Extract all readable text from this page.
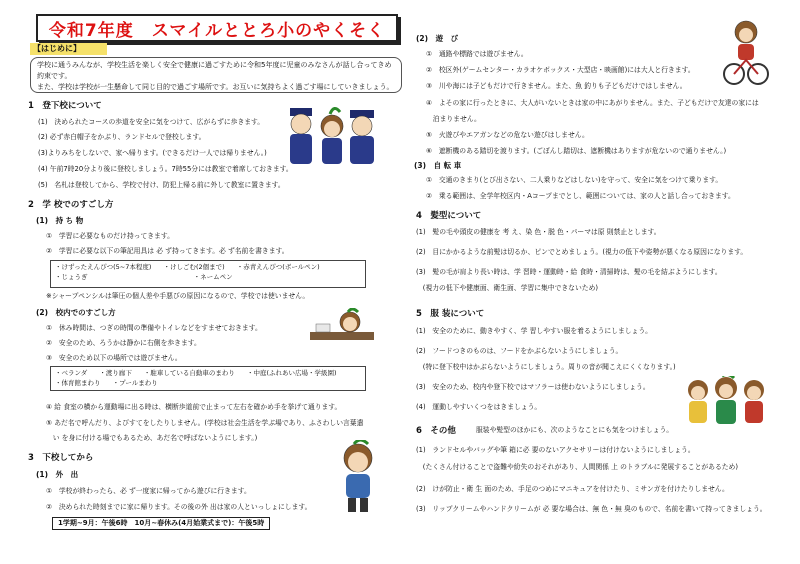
令和7年度　スマイルととろ小のやくそく
【はじめに】
学校に通うみんなが、学校生活を楽しく安全で健康に過ごすために令和5年度に児童のみなさんが話し合ってきめ約束です。
また、学校は学校が一生懸命して同じ目的で過ごす場所です。お互いに気持ちよく過ごす場にしていきましょう。
1　登下校について
(1)　決められたコースの歩道を安全に気をつけて、広がらずに歩きます。
(2) 必ず赤白帽子をかぶり、ランドセルで登校します。
(3)よりみちをしないで、家へ帰ります。(できるだけ一人では帰りません。)
(4) 午前7時20分より後に登校しましょう。7時55分には教室で着席しておきます。
(5)　名札は登校してから、学校で付け、防犯上帰る前に外して教室に置きます。
2　学 校でのすごし方
(1)　持 ち 物
①　学習に必要なものだけ持ってきます。
②　学習に必要な以下の筆記用具は 必 ず持ってきます。必 ず名前を書きます。
・けずったえんぴつ(5~7本程度) ・けしごむ(2個まで) ・赤青えんぴつ(ボールペン)
・じょうぎ	・ネームペン
※シャープペンシルは筆圧の個人差や手悪びの原因になるので、学校では使いません。
(2)　校内でのすごし方
①　休み時間は、つぎの時間の準備やトイレなどをすませておきます。
②　安全のため、ろうかは静かに右側を歩きます。
③　安全のため以下の場所では遊びません。
・ベランダ ・渡り廊下 ・駐車している自動車のまわり ・中庭(ふれあい広場・学級園)
・体育館まわり ・プールまわり
④ 給 食室の横から運動場に出る時は、横断歩道前で止まって左右を確かめ手を挙げて通ります。
⑤ あだ名で呼んだり、よびすてをしたりしません。(学校は社会生活を学ぶ場であり、ふさわしい言葉遣
　い を身に付ける場でもあるため、あだ名で呼ばないようにします。)
3　下校してから
(1)　外　出
①　学校が終わったら、必 ず一度家に帰ってから遊びに行きます。
②　決められた時刻までに家に帰ります。その後の外 出は家の人といっしょにします。
1学期~9月：午後6時　10月~春休み(4月始業式まで)：午後5時
(2)　遊　び
①　通路や標路では遊びません。
②　校区外(ゲームセンター・カラオケボックス・大型店・映画館)には大人と行きます。
③　川や海には子どもだけで行きません。また、魚 釣りも子どもだけではしません。
④　よその家に行ったときに、大人がいないときは家の中にあがりません。また、子どもだけで友達の家には
　泊まりません。
⑤　火遊びやエアガンなどの危ない遊びはしません。
⑥　遮断機のある踏切を渡ります。(ごぼんし踏切は、遮断機はありますが危ないので通りません。)
(3)　自 転 車
①　交通のきまり(とび出さない、二人乗りなどはしない)を守って、安全に気をつけて乗ります。
②　乗る範囲は、全学年校区内・Aコープまでとし、範囲については、家の人と話し合っておきます。
4　髪型について
(1)　髪の毛や頭皮の健康を 考 え、染 色・脱 色・パーマは原 則禁止とします。
(2)　目にかかるような前髪は切るか、ピンでとめましょう。(視力の低下や姿勢が悪くなる原因になります。
(3)　髪の毛が肩より長い時は、学 習時・運動時・給 食時・清掃時は、髪の毛を結ぶようにします。
　(視力の低下や健康面、衛生面、学習に集中できないため)
5　服 装について
(1)　安全のために、動きやすく、学 習しやすい服を着るようにしましょう。
(2)　フードつきのものは、フードをかぶらないようにしましょう。
　(特に登下校中はかぶらないようにしましょう。周りの音が聞こえにくくなります。)
(3)　安全のため、校内や登下校ではマフラーは使わないようにしましょう。
(4)　運動しやすいくつをはきましょう。
6　その他	服装や髪型のほかにも、次のようなことにも気をつけましょう。
(1)　ランドセルやバッグや筆 箱に必 要のないアクセサリーは付けないようにしましょう。
　(たくさん付けることで盗難や紛失のおそれがあり、人間関係 上 のトラブルに発展することがあるため)
(2)　けが防止・衛 生 面のため、手足のつめにマニキュアを付けたり、ミサンガを付けたりしません。
(3)　リップクリームやハンドクリームが 必 要な場合は、無 色・無 臭のもので、名前を書いて持ってきましょう。
